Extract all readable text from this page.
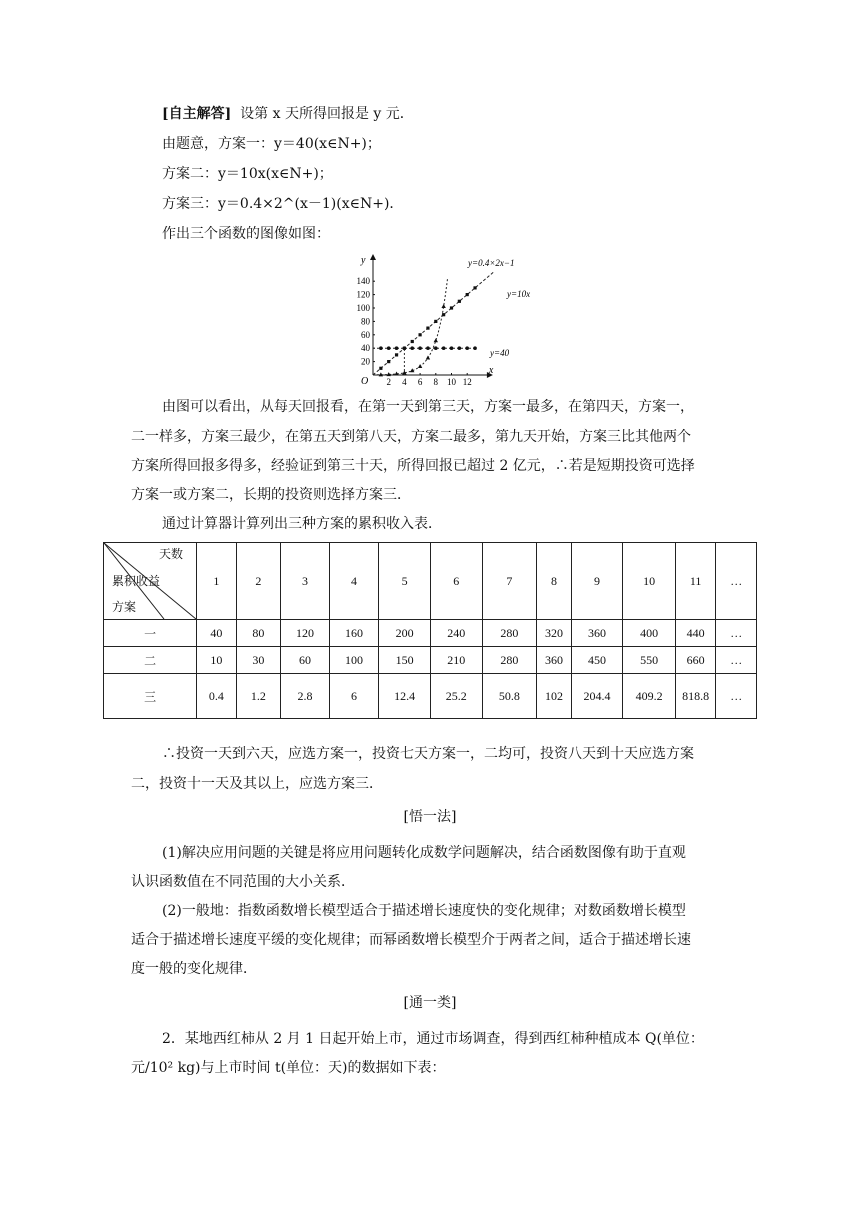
[自主解答] 设第 x 天所得回报是 y 元．
由题意，方案一：y＝40(x∈N+)；
方案二：y＝10x(x∈N+)；
方案三：y＝0.4×2^(x－1)(x∈N+)．
作出三个函数的图像如图：
x
y
O 2 4 6 8 10 12
20
40
60
80
100
120
140
y=0.4×2x−1
y=10x
y=40
由图可以看出，从每天回报看，在第一天到第三天，方案一最多，在第四天，方案一，
二一样多，方案三最少，在第五天到第八天，方案二最多，第九天开始，方案三比其他两个
方案所得回报多得多，经验证到第三十天，所得回报已超过 2 亿元，∴若是短期投资可选择
方案一或方案二，长期的投资则选择方案三．
通过计算器计算列出三种方案的累积收入表．
天数
累积收益
方案	1	2	3	4	5	6	7	8	9	10	11	…
一	40	80	120	160	200	240	280	320	360	400	440	…
二	10	30	60	100	150	210	280	360	450	550	660	…
三	0.4	1.2	2.8	6	12.4	25.2	50.8	102	204.4	409.2	818.8	…
∴投资一天到六天，应选方案一，投资七天方案一，二均可，投资八天到十天应选方案
二，投资十一天及其以上，应选方案三．
[悟一法]
(1)解决应用问题的关键是将应用问题转化成数学问题解决，结合函数图像有助于直观
认识函数值在不同范围的大小关系．
(2)一般地：指数函数增长模型适合于描述增长速度快的变化规律；对数函数增长模型
适合于描述增长速度平缓的变化规律；而幂函数增长模型介于两者之间，适合于描述增长速
度一般的变化规律．
[通一类]
2．某地西红柿从 2 月 1 日起开始上市，通过市场调查，得到西红柿种植成本 Q(单位：
元/10² kg)与上市时间 t(单位：天)的数据如下表：
